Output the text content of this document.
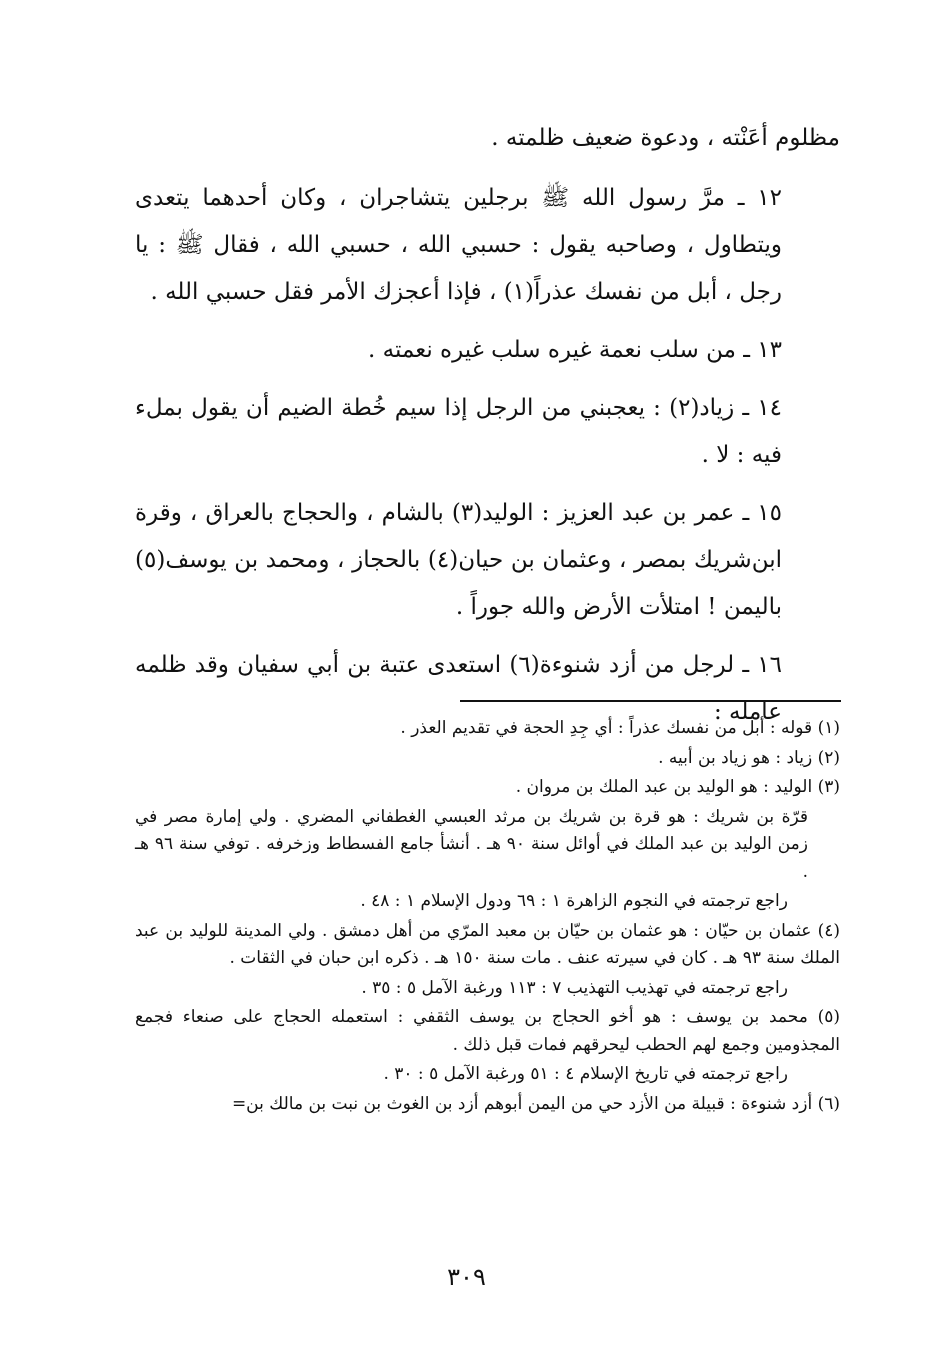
مظلوم أعَنْته ، ودعوة ضعيف ظلمته .

١٢ ـ مرَّ رسول الله ﷺ برجلين يتشاجران ، وكان أحدهما يتعدى ويتطاول ، وصاحبه يقول : حسبي الله ، حسبي الله ، فقال ﷺ : يا رجل ، أبل من نفسك عذراً(١) ، فإذا أعجزك الأمر فقل حسبي الله .

١٣ ـ من سلب نعمة غيره سلب غيره نعمته .

١٤ ـ زياد(٢) : يعجبني من الرجل إذا سيم خُطة الضيم أن يقول بملء فيه : لا .

١٥ ـ عمر بن عبد العزيز : الوليد(٣) بالشام ، والحجاج بالعراق ، وقرة ابن‌شريك بمصر ، وعثمان بن حيان(٤) بالحجاز ، ومحمد بن يوسف(٥) باليمن ! امتلأت الأرض والله جوراً .

١٦ ـ لرجل من أزد شنوءة(٦) استعدى عتبة بن أبي سفيان وقد ظلمه عامله :

(١) قوله : أبل من نفسك عذراً : أي جِدِ الحجة في تقديم العذر .

(٢) زياد : هو زياد بن أبيه .

(٣) الوليد : هو الوليد بن عبد الملك بن مروان .

قرّة بن شريك : هو قرة بن شريك بن مرثد العبسي الغطفاني المضري . ولي إمارة مصر في زمن الوليد بن عبد الملك في أوائل سنة ٩٠ هـ . أنشأ جامع الفسطاط وزخرفه . توفي سنة ٩٦ هـ .

راجع ترجمته في النجوم الزاهرة ١ : ٦٩ ودول الإسلام ١ : ٤٨ .

(٤) عثمان بن حيّان : هو عثمان بن حيّان بن معبد المرّي من أهل دمشق . ولي المدينة للوليد بن عبد الملك سنة ٩٣ هـ . كان في سيرته عنف . مات سنة ١٥٠ هـ . ذكره ابن حبان في الثقات .

راجع ترجمته في تهذيب التهذيب ٧ : ١١٣ ورغبة الآمل ٥ : ٣٥ .

(٥) محمد بن يوسف : هو أخو الحجاج بن يوسف الثقفي : استعمله الحجاج على صنعاء فجمع المجذومين وجمع لهم الحطب ليحرقهم فمات قبل ذلك .

راجع ترجمته في تاريخ الإسلام ٤ : ٥١ ورغبة الآمل ٥ : ٣٠ .

(٦) أزد شنوءة : قبيلة من الأزد حي من اليمن أبوهم أزد بن الغوث بن نبت بن مالك بن=

٣٠٩
